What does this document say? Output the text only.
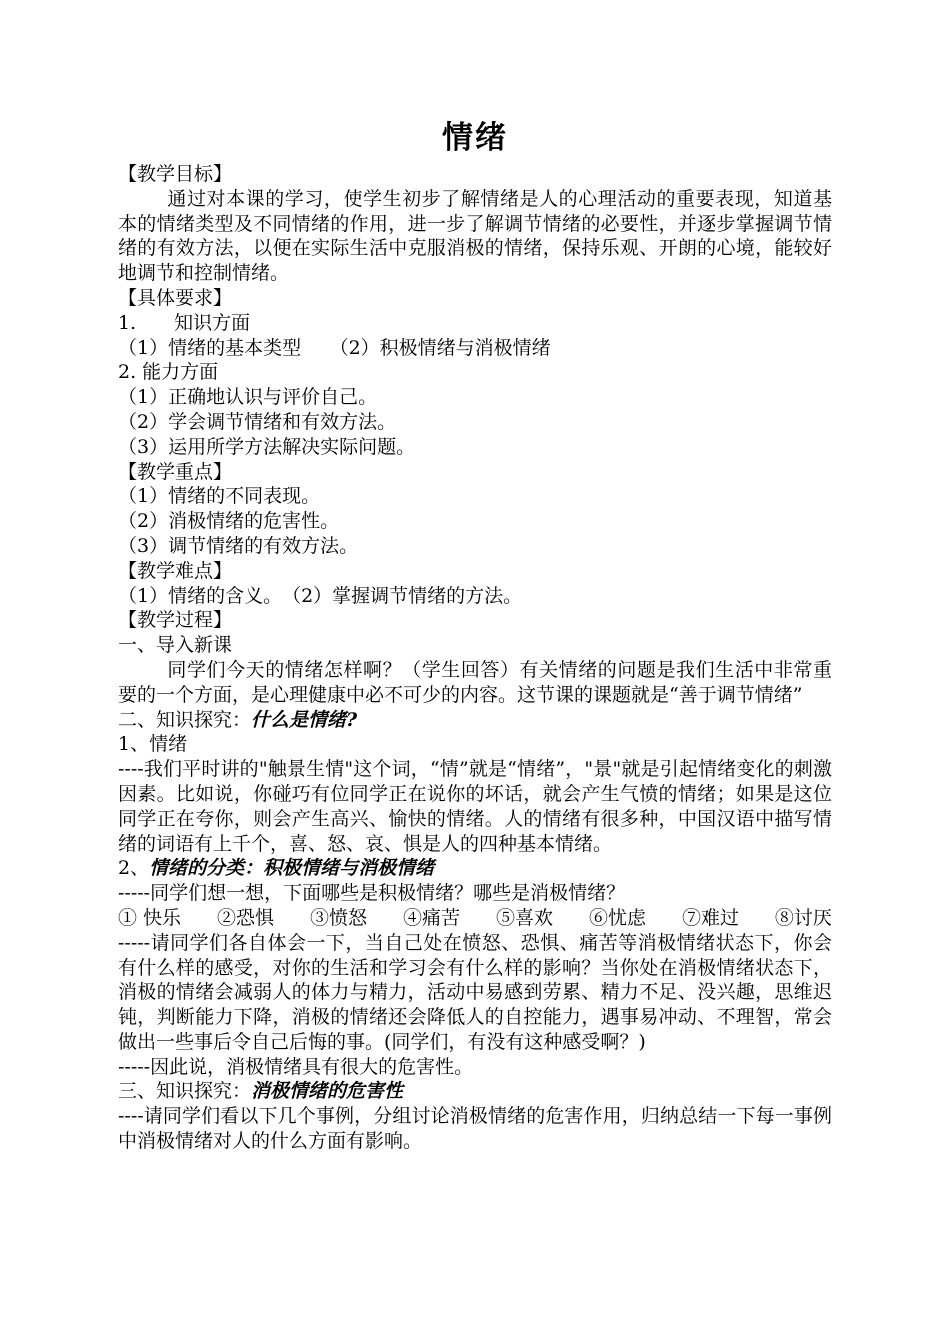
情绪
【教学目标】
通过对本课的学习，使学生初步了解情绪是人的心理活动的重要表现，知道基本的情绪类型及不同情绪的作用，进一步了解调节情绪的必要性，并逐步掌握调节情绪的有效方法，以便在实际生活中克服消极的情绪，保持乐观、开朗的心境，能较好地调节和控制情绪。
【具体要求】
1.　　知识方面
（1）情绪的基本类型　　（2）积极情绪与消极情绪
2. 能力方面
（1）正确地认识与评价自己。
（2）学会调节情绪和有效方法。
（3）运用所学方法解决实际问题。
【教学重点】
（1）情绪的不同表现。
（2）消极情绪的危害性。
（3）调节情绪的有效方法。
【教学难点】
（1）情绪的含义。　（2）掌握调节情绪的方法。
【教学过程】
一、导入新课
同学们今天的情绪怎样啊？（学生回答）有关情绪的问题是我们生活中非常重要的一个方面，是心理健康中必不可少的内容。这节课的课题就是“善于调节情绪”
二、知识探究：什么是情绪?
1、情绪
----我们平时讲的"触景生情"这个词，“情”就是“情绪”，"景"就是引起情绪变化的刺激因素。比如说，你碰巧有位同学正在说你的坏话，就会产生气愤的情绪；如果是这位同学正在夸你，则会产生高兴、愉快的情绪。人的情绪有很多种，中国汉语中描写情绪的词语有上千个，喜、怒、哀、惧是人的四种基本情绪。
2、情绪的分类：积极情绪与消极情绪
-----同学们想一想，下面哪些是积极情绪？哪些是消极情绪？
① 快乐 ②恐惧 ③愤怒 ④痛苦 ⑤喜欢 ⑥忧虑 ⑦难过 ⑧讨厌
-----请同学们各自体会一下，当自己处在愤怒、恐惧、痛苦等消极情绪状态下，你会有什么样的感受，对你的生活和学习会有什么样的影响？当你处在消极情绪状态下，消极的情绪会减弱人的体力与精力，活动中易感到劳累、精力不足、没兴趣，思维迟钝，判断能力下降，消极的情绪还会降低人的自控能力，遇事易冲动、不理智，常会做出一些事后令自己后悔的事。(同学们，有没有这种感受啊？)
-----因此说，消极情绪具有很大的危害性。
三、知识探究：消极情绪的危害性
----请同学们看以下几个事例，分组讨论消极情绪的危害作用，归纳总结一下每一事例中消极情绪对人的什么方面有影响。
